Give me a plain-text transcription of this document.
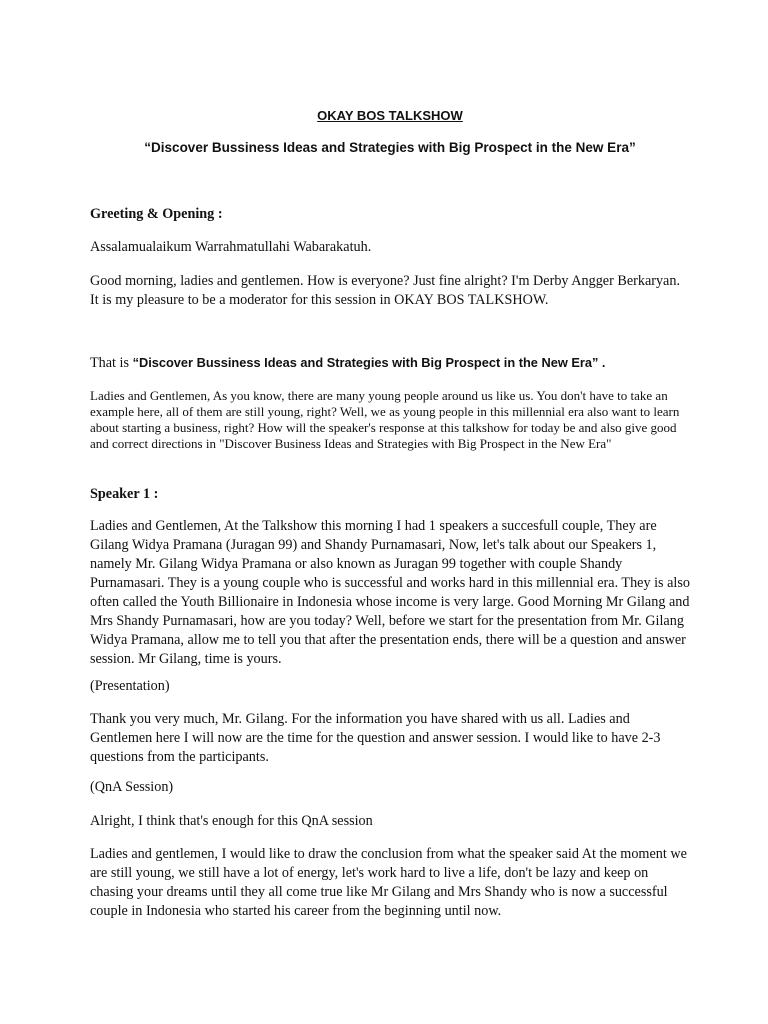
OKAY BOS TALKSHOW

“Discover Bussiness Ideas and Strategies with Big Prospect in the New Era”

Greeting & Opening :

Assalamualaikum Warrahmatullahi Wabarakatuh.

Good morning, ladies and gentlemen. How is everyone? Just fine alright? I'm Derby Angger Berkaryan. It is my pleasure to be a moderator for this session in OKAY BOS TALKSHOW.

That is “Discover Bussiness Ideas and Strategies with Big Prospect in the New Era” .

Ladies and Gentlemen, As you know, there are many young people around us like us. You don't have to take an example here, all of them are still young, right? Well, we as young people in this millennial era also want to learn about starting a business, right? How will the speaker's response at this talkshow for today be and also give good and correct directions in "Discover Business Ideas and Strategies with Big Prospect in the New Era"

Speaker 1 :

Ladies and Gentlemen, At the Talkshow this morning I had 1 speakers a succesfull couple, They are Gilang Widya Pramana (Juragan 99) and Shandy Purnamasari, Now, let's talk about our Speakers 1, namely Mr. Gilang Widya Pramana or also known as Juragan 99 together with couple Shandy Purnamasari. They is a young couple who is successful and works hard in this millennial era. They is also often called the Youth Billionaire in Indonesia whose income is very large. Good Morning Mr Gilang and Mrs Shandy Purnamasari, how are you today? Well, before we start for the presentation from Mr. Gilang Widya Pramana, allow me to tell you that after the presentation ends, there will be a question and answer session. Mr Gilang, time is yours.

(Presentation)

Thank you very much, Mr. Gilang. For the information you have shared with us all. Ladies and Gentlemen here I will now are the time for the question and answer session. I would like to have 2-3 questions from the participants.

(QnA Session)

Alright, I think that's enough for this QnA session

Ladies and gentlemen, I would like to draw the conclusion from what the speaker said At the moment we are still young, we still have a lot of energy, let's work hard to live a life, don't be lazy and keep on chasing your dreams until they all come true like Mr Gilang and Mrs Shandy who is now a successful couple in Indonesia who started his career from the beginning until now.
